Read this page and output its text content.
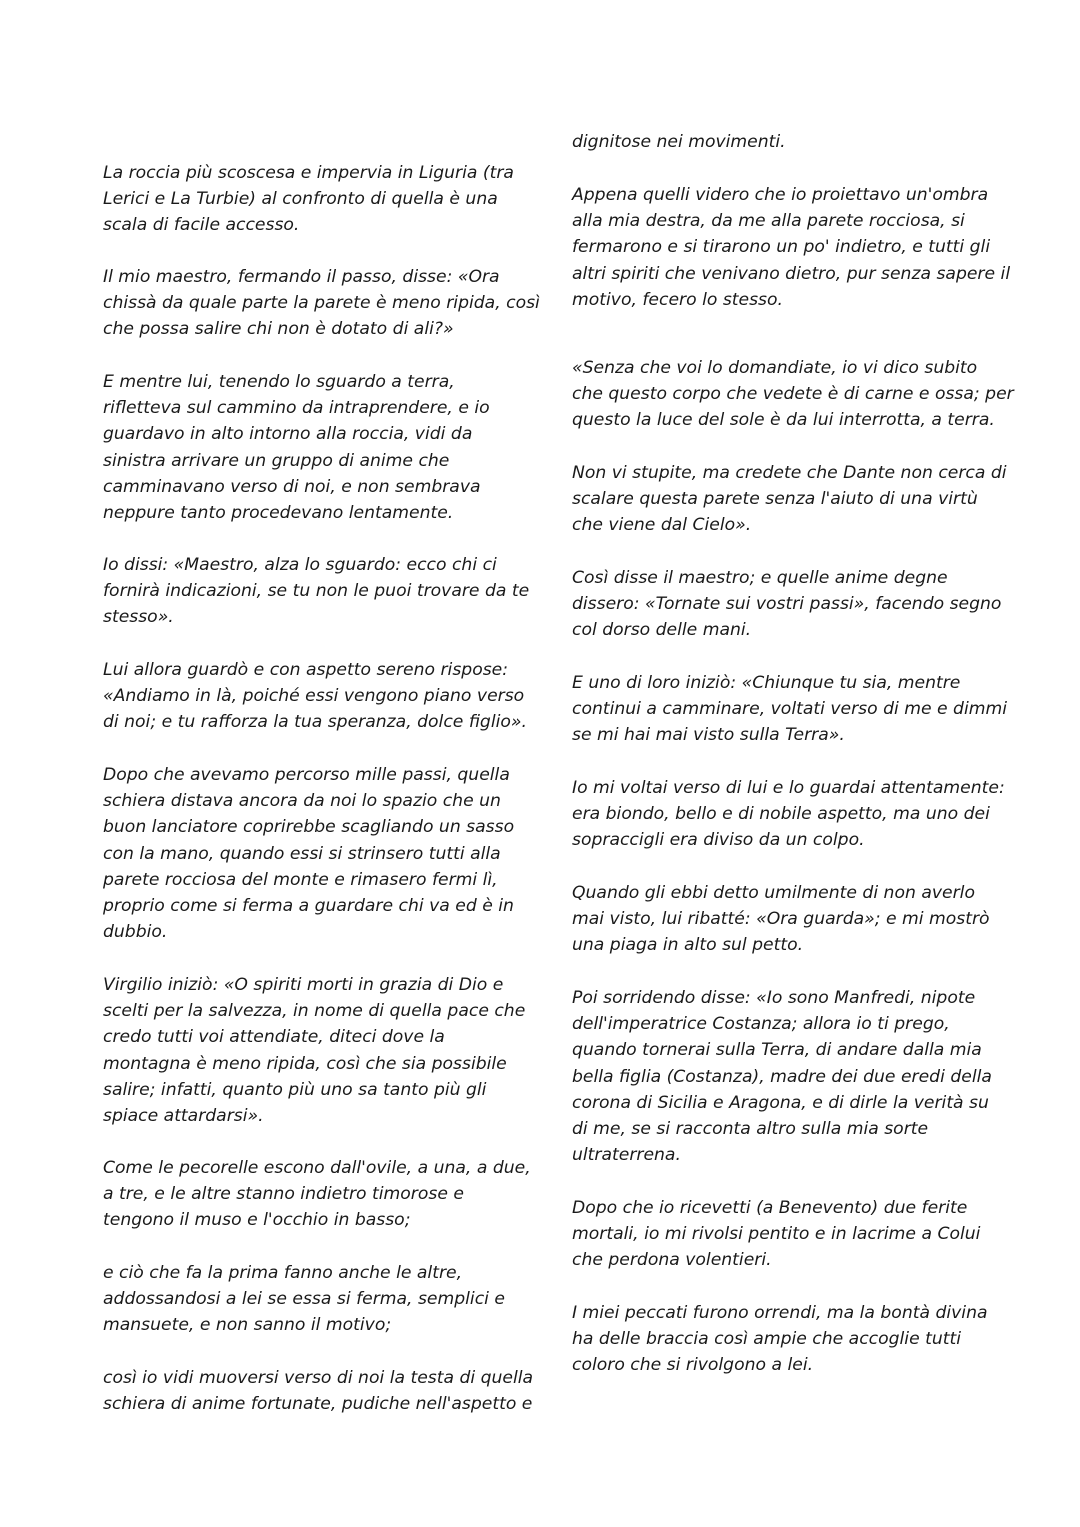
La roccia più scoscesa e impervia in Liguria (tra
Lerici e La Turbie) al confronto di quella è una
scala di facile accesso.
Il mio maestro, fermando il passo, disse: «Ora
chissà da quale parte la parete è meno ripida, così
che possa salire chi non è dotato di ali?»
E mentre lui, tenendo lo sguardo a terra,
rifletteva sul cammino da intraprendere, e io
guardavo in alto intorno alla roccia, vidi da
sinistra arrivare un gruppo di anime che
camminavano verso di noi, e non sembrava
neppure tanto procedevano lentamente.
Io dissi: «Maestro, alza lo sguardo: ecco chi ci
fornirà indicazioni, se tu non le puoi trovare da te
stesso».
Lui allora guardò e con aspetto sereno rispose:
«Andiamo in là, poiché essi vengono piano verso
di noi; e tu rafforza la tua speranza, dolce figlio».
Dopo che avevamo percorso mille passi, quella
schiera distava ancora da noi lo spazio che un
buon lanciatore coprirebbe scagliando un sasso
con la mano, quando essi si strinsero tutti alla
parete rocciosa del monte e rimasero fermi lì,
proprio come si ferma a guardare chi va ed è in
dubbio.
Virgilio iniziò: «O spiriti morti in grazia di Dio e
scelti per la salvezza, in nome di quella pace che
credo tutti voi attendiate, diteci dove la
montagna è meno ripida, così che sia possibile
salire; infatti, quanto più uno sa tanto più gli
spiace attardarsi».
Come le pecorelle escono dall'ovile, a una, a due,
a tre, e le altre stanno indietro timorose e
tengono il muso e l'occhio in basso;
e ciò che fa la prima fanno anche le altre,
addossandosi a lei se essa si ferma, semplici e
mansuete, e non sanno il motivo;
così io vidi muoversi verso di noi la testa di quella
schiera di anime fortunate, pudiche nell'aspetto e
dignitose nei movimenti.
Appena quelli videro che io proiettavo un'ombra
alla mia destra, da me alla parete rocciosa, si
fermarono e si tirarono un po' indietro, e tutti gli
altri spiriti che venivano dietro, pur senza sapere il
motivo, fecero lo stesso.
«Senza che voi lo domandiate, io vi dico subito
che questo corpo che vedete è di carne e ossa; per
questo la luce del sole è da lui interrotta, a terra.
Non vi stupite, ma credete che Dante non cerca di
scalare questa parete senza l'aiuto di una virtù
che viene dal Cielo».
Così disse il maestro; e quelle anime degne
dissero: «Tornate sui vostri passi», facendo segno
col dorso delle mani.
E uno di loro iniziò: «Chiunque tu sia, mentre
continui a camminare, voltati verso di me e dimmi
se mi hai mai visto sulla Terra».
Io mi voltai verso di lui e lo guardai attentamente:
era biondo, bello e di nobile aspetto, ma uno dei
sopraccigli era diviso da un colpo.
Quando gli ebbi detto umilmente di non averlo
mai visto, lui ribatté: «Ora guarda»; e mi mostrò
una piaga in alto sul petto.
Poi sorridendo disse: «Io sono Manfredi, nipote
dell'imperatrice Costanza; allora io ti prego,
quando tornerai sulla Terra, di andare dalla mia
bella figlia (Costanza), madre dei due eredi della
corona di Sicilia e Aragona, e di dirle la verità su
di me, se si racconta altro sulla mia sorte
ultraterrena.
Dopo che io ricevetti (a Benevento) due ferite
mortali, io mi rivolsi pentito e in lacrime a Colui
che perdona volentieri.
I miei peccati furono orrendi, ma la bontà divina
ha delle braccia così ampie che accoglie tutti
coloro che si rivolgono a lei.
